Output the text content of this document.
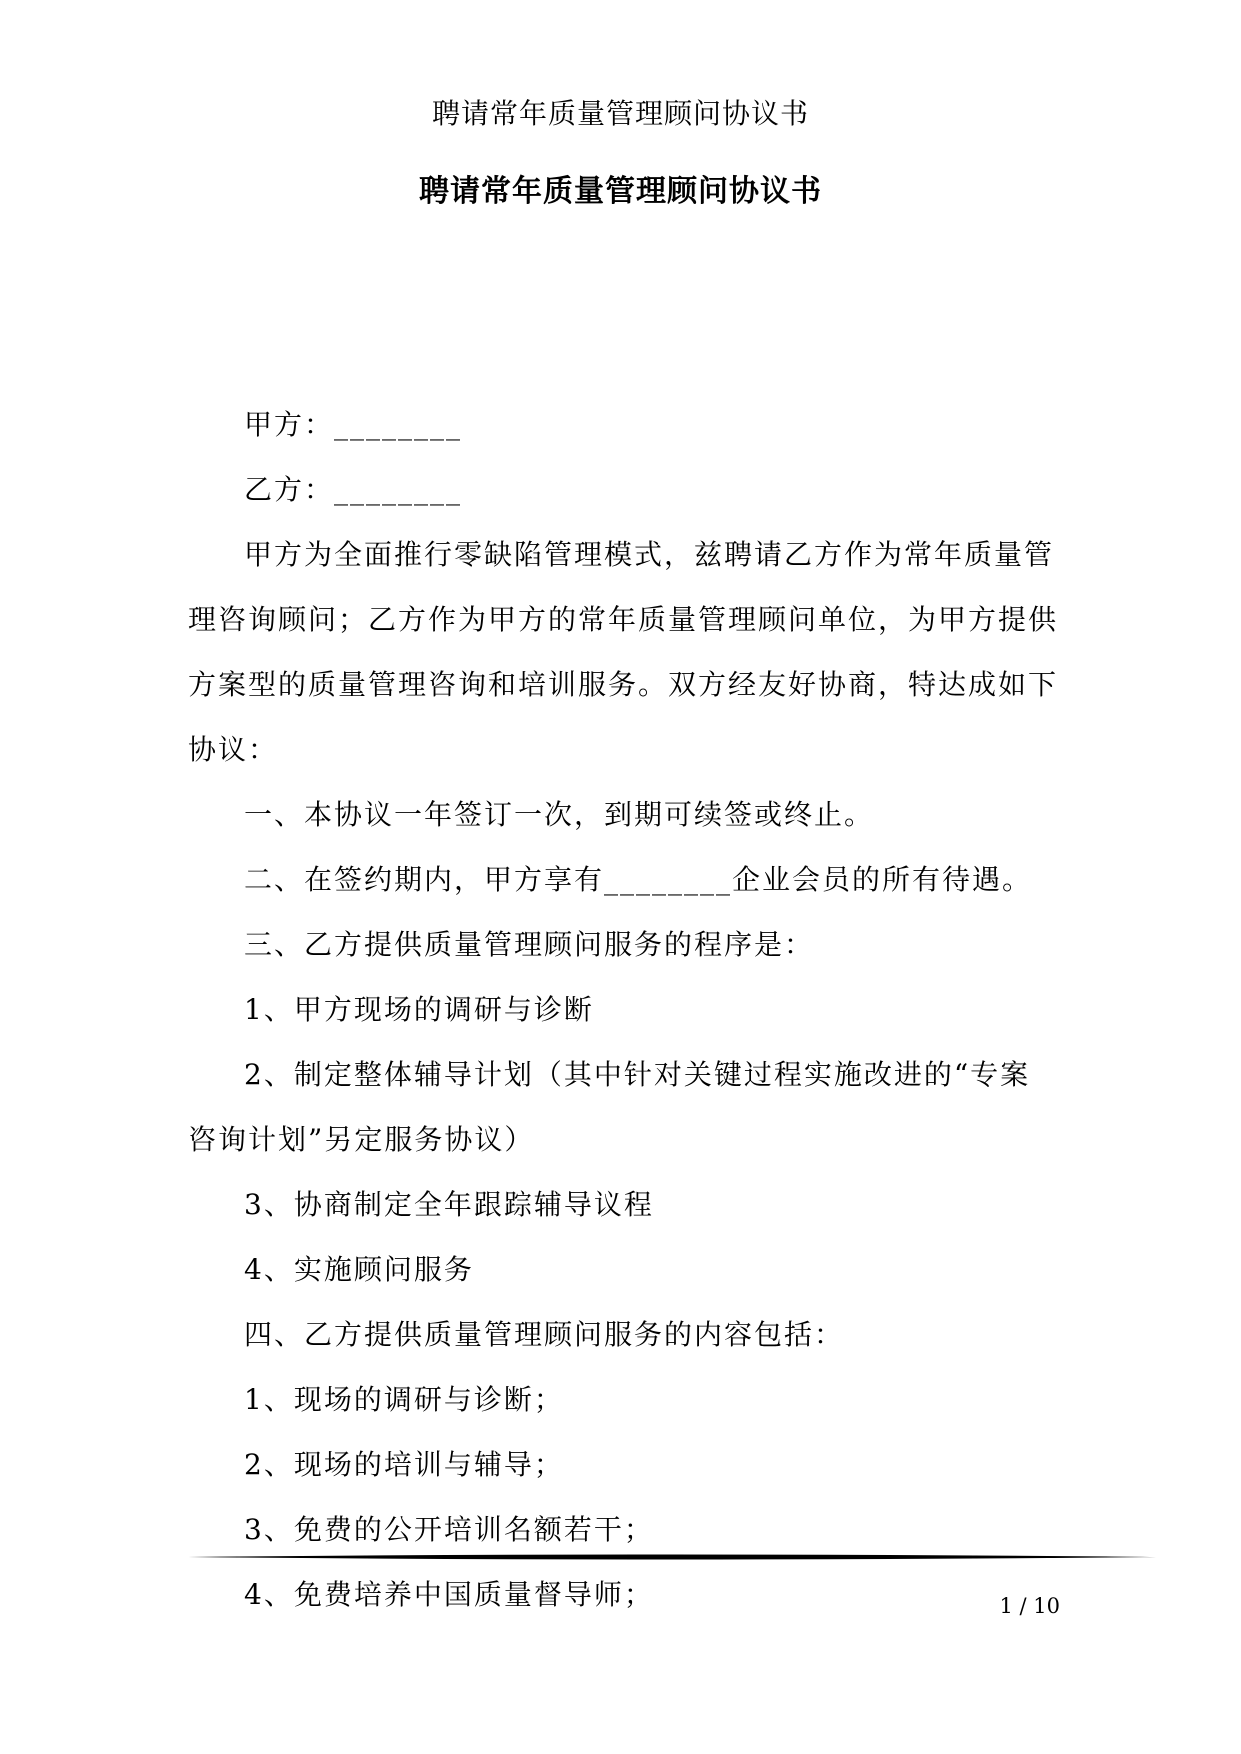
聘请常年质量管理顾问协议书
聘请常年质量管理顾问协议书

甲方：________

乙方：________

甲方为全面推行零缺陷管理模式，兹聘请乙方作为常年质量管理咨询顾问；乙方作为甲方的常年质量管理顾问单位，为甲方提供方案型的质量管理咨询和培训服务。双方经友好协商，特达成如下协议：

一、本协议一年签订一次，到期可续签或终止。

二、在签约期内，甲方享有________企业会员的所有待遇。

三、乙方提供质量管理顾问服务的程序是：

1、甲方现场的调研与诊断

2、制定整体辅导计划（其中针对关键过程实施改进的“专案咨询计划”另定服务协议）

3、协商制定全年跟踪辅导议程

4、实施顾问服务

四、乙方提供质量管理顾问服务的内容包括：

1、现场的调研与诊断；

2、现场的培训与辅导；

3、免费的公开培训名额若干；

4、免费培养中国质量督导师；	1 / 10
